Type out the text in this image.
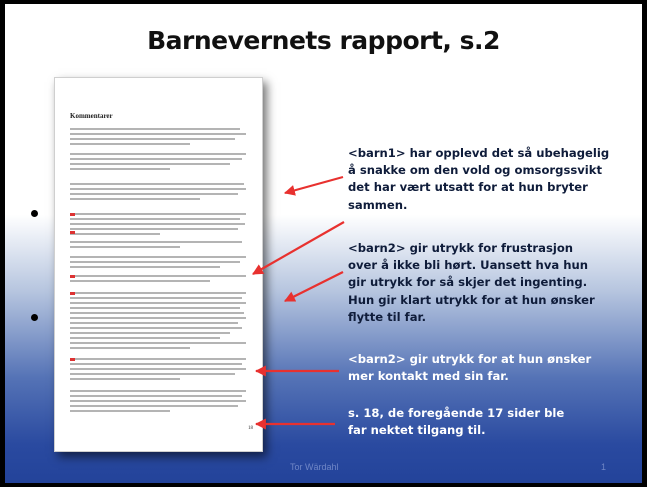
Barnevernets rapport, s.2
Kommentarer
18
<barn1> har opplevd det så ubehagelig
å snakke om den vold og omsorgssvikt
det har vært utsatt for at hun bryter
sammen.
<barn2> gir utrykk for frustrasjon
over å ikke bli hørt. Uansett hva hun
gir utrykk for så skjer det ingenting.
Hun gir klart utrykk for at hun ønsker
flytte til far.
<barn2> gir utrykk for at hun ønsker
mer kontakt med sin far.
s. 18, de foregående 17 sider ble
far nektet tilgang til.
Tor Wärdahl	1
